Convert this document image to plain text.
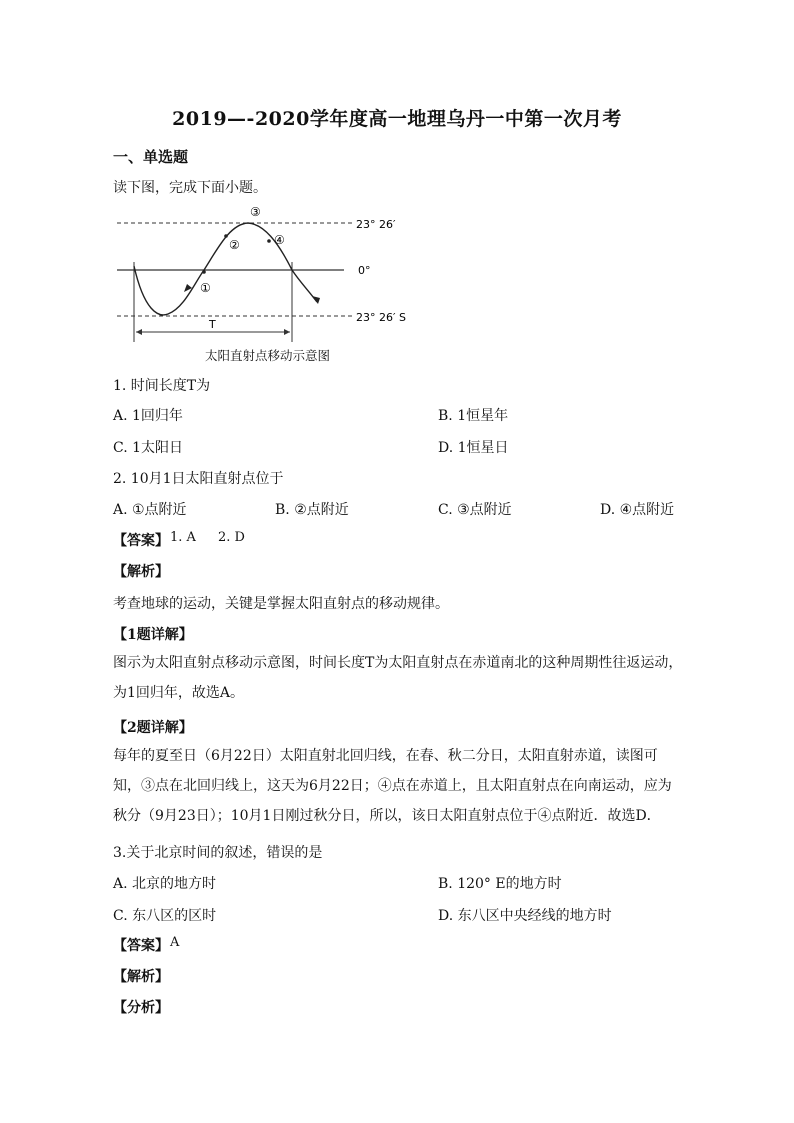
2019—-2020学年度高一地理乌丹一中第一次月考
一、单选题
读下图，完成下面小题。
③
②	④
①
23° 26′
0°
23° 26′ S
T
太阳直射点移动示意图
1. 时间长度T为
A. 1回归年	B. 1恒星年
C. 1太阳日	D. 1恒星日
2. 10月1日太阳直射点位于
A. ①点附近	B. ②点附近	C. ③点附近	D. ④点附近
【答案】 1. A 2. D
【解析】
考查地球的运动，关键是掌握太阳直射点的移动规律。
【1题详解】
图示为太阳直射点移动示意图，时间长度T为太阳直射点在赤道南北的这种周期性往返运动，为1回归年，故选A。
【2题详解】
每年的夏至日（6月22日）太阳直射北回归线，在春、秋二分日，太阳直射赤道，读图可知，③点在北回归线上，这天为6月22日；④点在赤道上，且太阳直射点在向南运动，应为秋分（9月23日）；10月1日刚过秋分日，所以，该日太阳直射点位于④点附近．故选D．
3.关于北京时间的叙述，错误的是
A. 北京的地方时	B. 120° E的地方时
C. 东八区的区时	D. 东八区中央经线的地方时
【答案】 A
【解析】
【分析】
